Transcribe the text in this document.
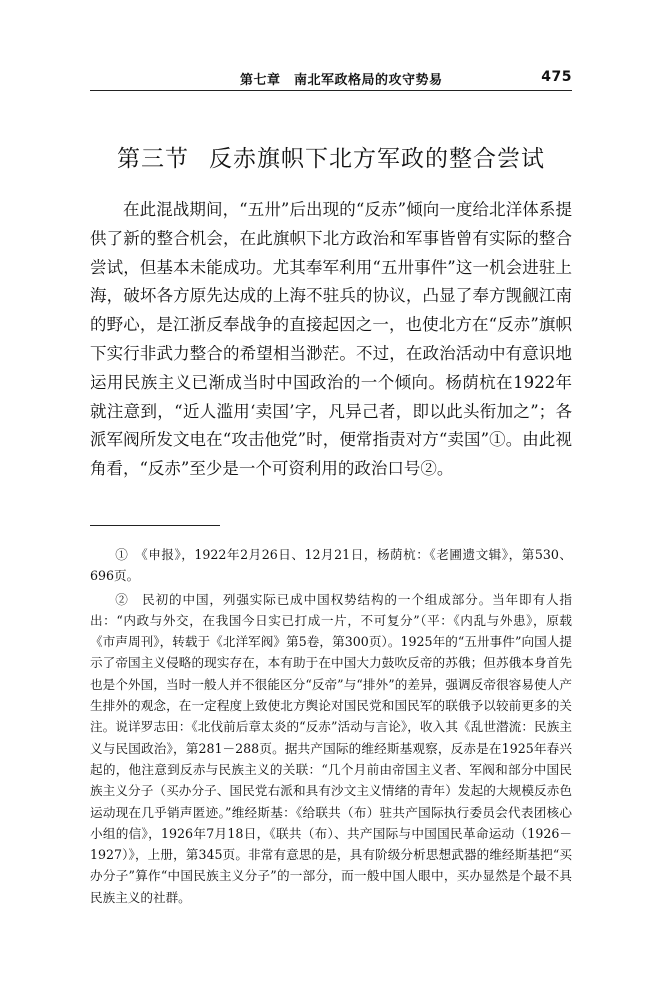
第七章　南北军政格局的攻守势易	475
第三节 反赤旗帜下北方军政的整合尝试

在此混战期间，“五卅”后出现的“反赤”倾向一度给北洋体系提供了新的整合机会，在此旗帜下北方政治和军事皆曾有实际的整合尝试，但基本未能成功。尤其奉军利用“五卅事件”这一机会进驻上海，破坏各方原先达成的上海不驻兵的协议，凸显了奉方觊觎江南的野心，是江浙反奉战争的直接起因之一，也使北方在“反赤”旗帜下实行非武力整合的希望相当渺茫。不过，在政治活动中有意识地运用民族主义已渐成当时中国政治的一个倾向。杨荫杭在1922年就注意到，“近人滥用‘卖国’字，凡异己者，即以此头衔加之”；各派军阀所发文电在“攻击他党”时，便常指责对方“卖国”①。由此视角看，“反赤”至少是一个可资利用的政治口号②。

①　《申报》，1922年2月26日、12月21日，杨荫杭：《老圃遗文辑》，第530、696页。

②　民初的中国，列强实际已成中国权势结构的一个组成部分。当年即有人指出：“内政与外交，在我国今日实已打成一片，不可复分”（平：《内乱与外患》，原载《市声周刊》，转载于《北洋军阀》第5卷，第300页）。1925年的“五卅事件”向国人提示了帝国主义侵略的现实存在，本有助于在中国大力鼓吹反帝的苏俄；但苏俄本身首先也是个外国，当时一般人并不很能区分“反帝”与“排外”的差异，强调反帝很容易使人产生排外的观念，在一定程度上致使北方舆论对国民党和国民军的联俄予以较前更多的关注。说详罗志田：《北伐前后章太炎的“反赤”活动与言论》，收入其《乱世潜流：民族主义与民国政治》，第281－288页。据共产国际的维经斯基观察，反赤是在1925年春兴起的，他注意到反赤与民族主义的关联：“几个月前由帝国主义者、军阀和部分中国民族主义分子（买办分子、国民党右派和具有沙文主义情绪的青年）发起的大规模反赤色运动现在几乎销声匿迹。”维经斯基：《给联共（布）驻共产国际执行委员会代表团核心小组的信》，1926年7月18日，《联共（布）、共产国际与中国国民革命运动（1926－1927）》，上册，第345页。非常有意思的是，具有阶级分析思想武器的维经斯基把“买办分子”算作“中国民族主义分子”的一部分，而一般中国人眼中，买办显然是个最不具民族主义的社群。
